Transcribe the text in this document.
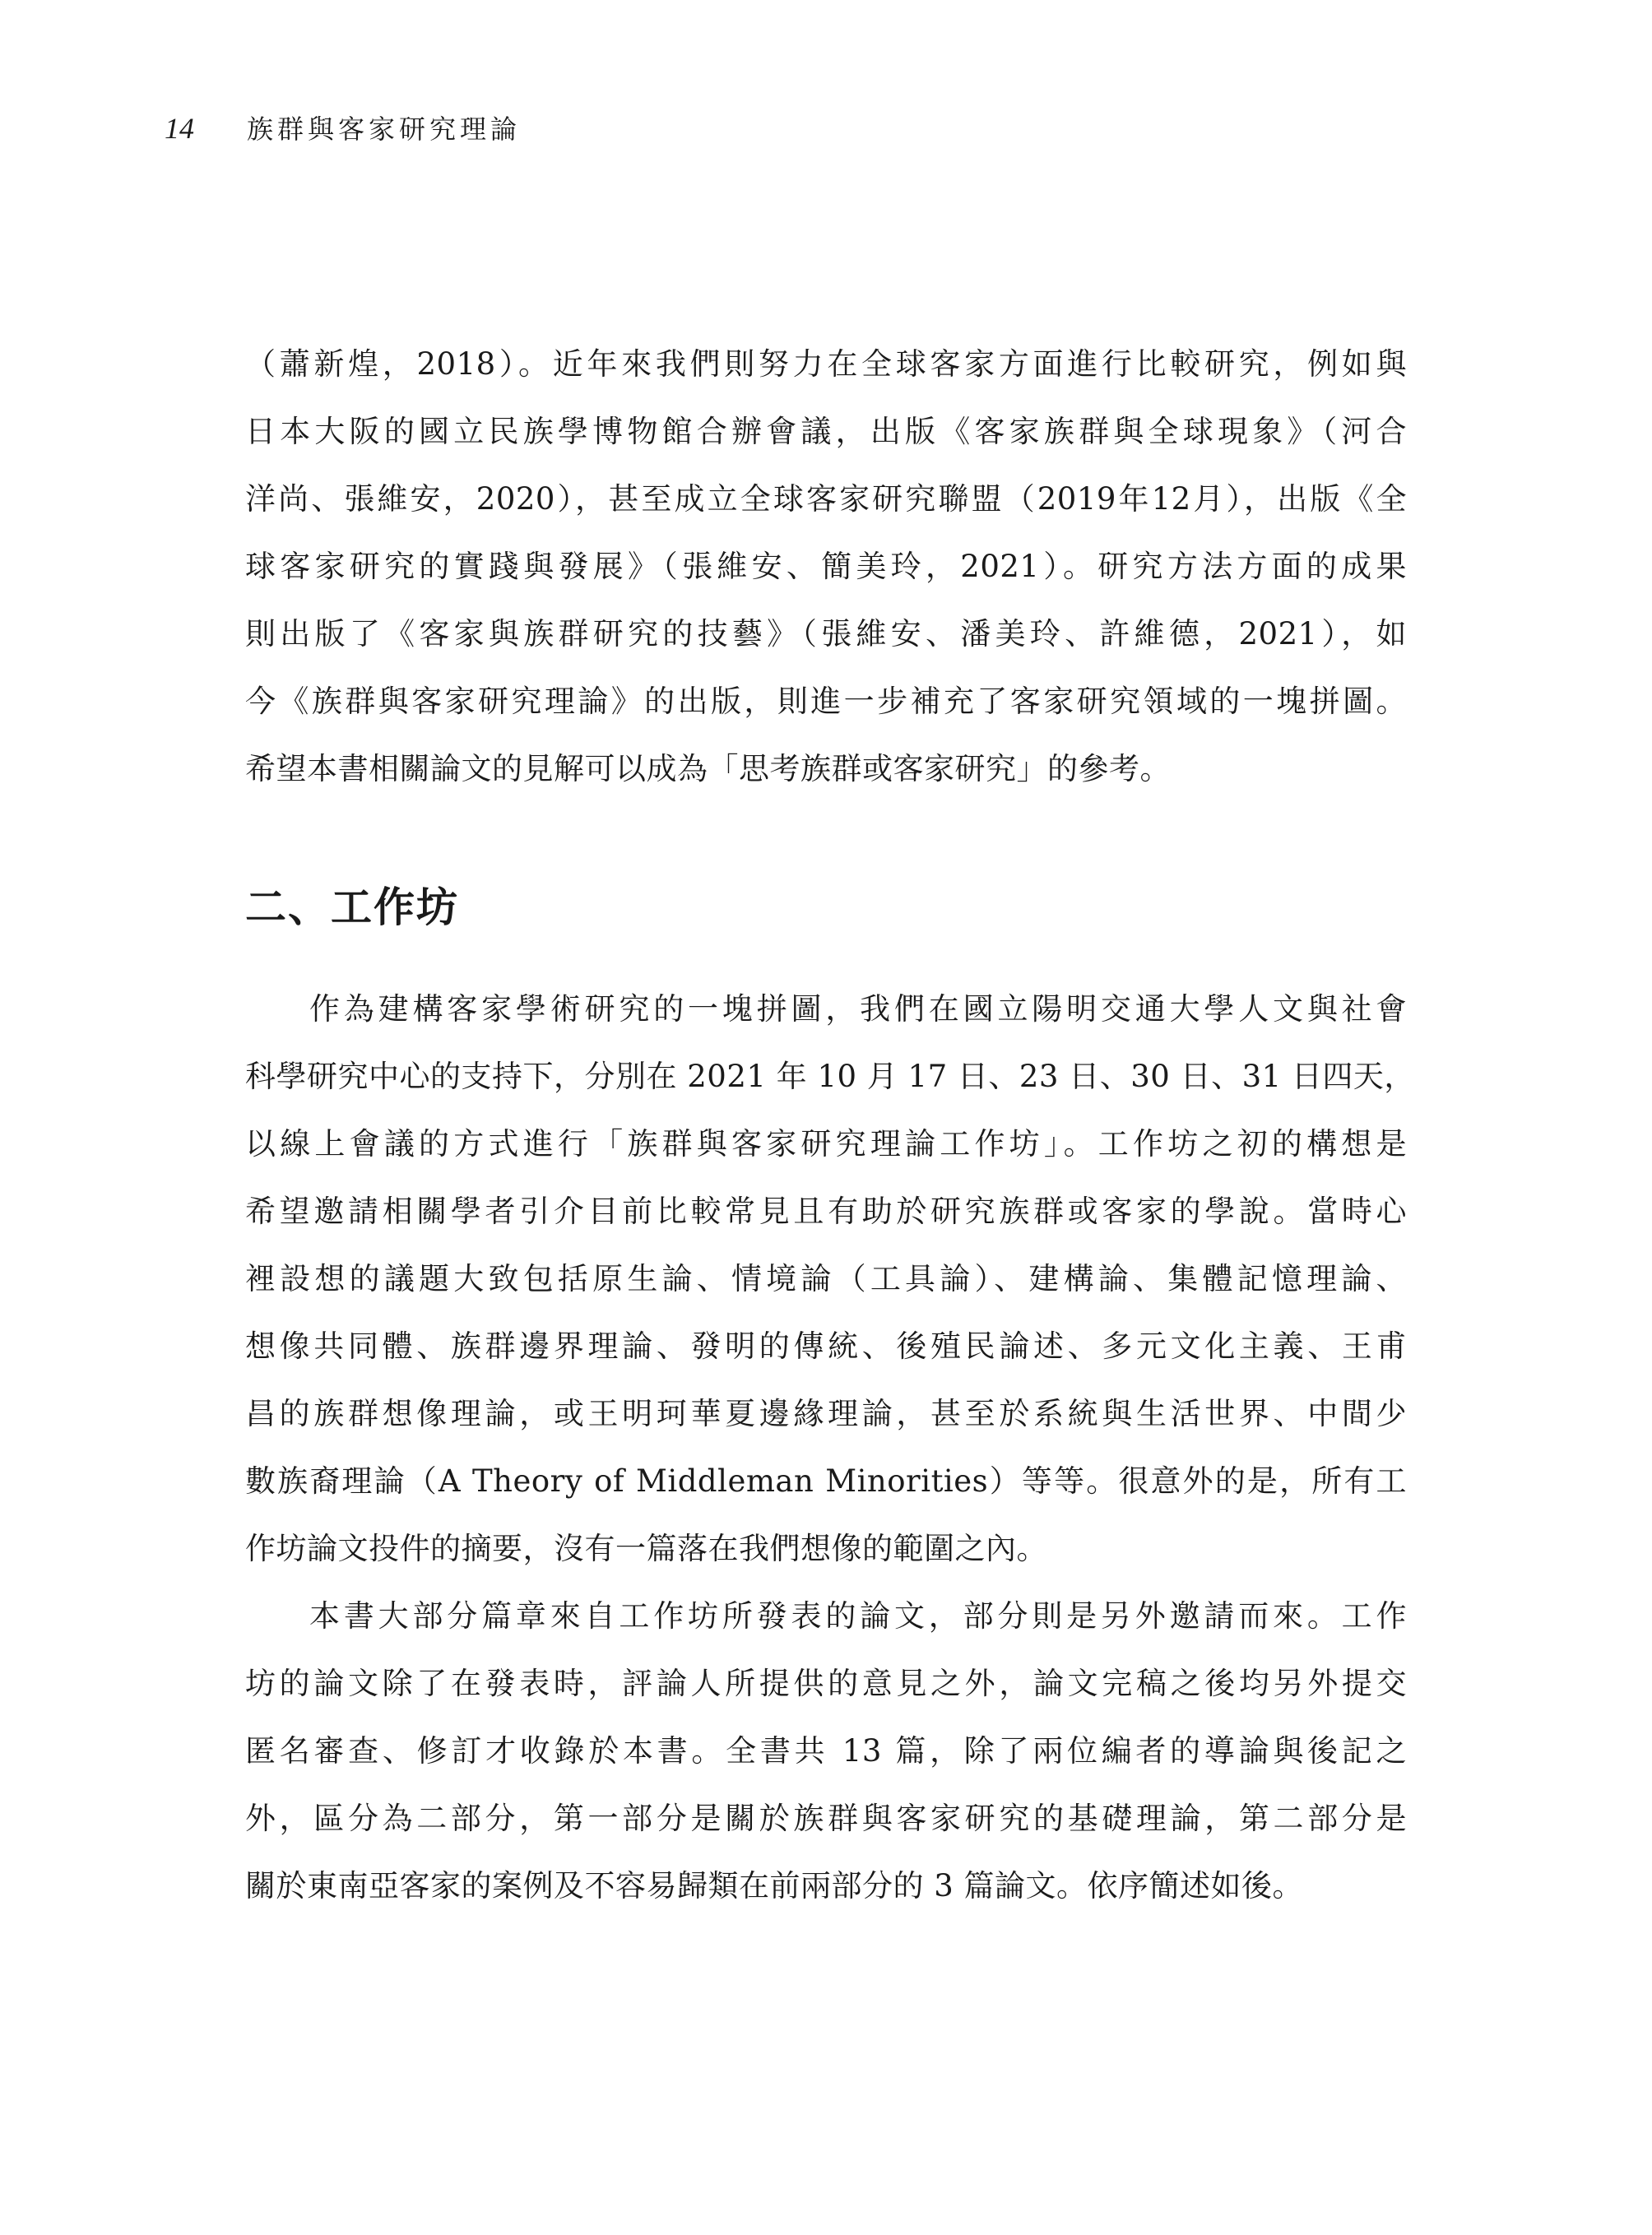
14	族群與客家研究理論
（蕭新煌，2018）。近年來我們則努力在全球客家方面進行比較研究，例如與
日本大阪的國立民族學博物館合辦會議，出版《客家族群與全球現象》（河合
洋尚、張維安，2020），甚至成立全球客家研究聯盟（2019年12月），出版《全
球客家研究的實踐與發展》（張維安、簡美玲，2021）。研究方法方面的成果
則出版了《客家與族群研究的技藝》（張維安、潘美玲、許維德，2021），如
今《族群與客家研究理論》的出版，則進一步補充了客家研究領域的一塊拼圖。
希望本書相關論文的見解可以成為「思考族群或客家研究」的參考。
二、工作坊
作為建構客家學術研究的一塊拼圖，我們在國立陽明交通大學人文與社會
科學研究中心的支持下，分別在 2021 年 10 月 17 日、23 日、30 日、31 日四天，
以線上會議的方式進行「族群與客家研究理論工作坊」。工作坊之初的構想是
希望邀請相關學者引介目前比較常見且有助於研究族群或客家的學說。當時心
裡設想的議題大致包括原生論、情境論（工具論）、建構論、集體記憶理論、
想像共同體、族群邊界理論、發明的傳統、後殖民論述、多元文化主義、王甫
昌的族群想像理論，或王明珂華夏邊緣理論，甚至於系統與生活世界、中間少
數族裔理論（A Theory of Middleman Minorities）等等。很意外的是，所有工
作坊論文投件的摘要，沒有一篇落在我們想像的範圍之內。
本書大部分篇章來自工作坊所發表的論文，部分則是另外邀請而來。工作
坊的論文除了在發表時，評論人所提供的意見之外，論文完稿之後均另外提交
匿名審查、修訂才收錄於本書。全書共 13 篇，除了兩位編者的導論與後記之
外，區分為二部分，第一部分是關於族群與客家研究的基礎理論，第二部分是
關於東南亞客家的案例及不容易歸類在前兩部分的 3 篇論文。依序簡述如後。
